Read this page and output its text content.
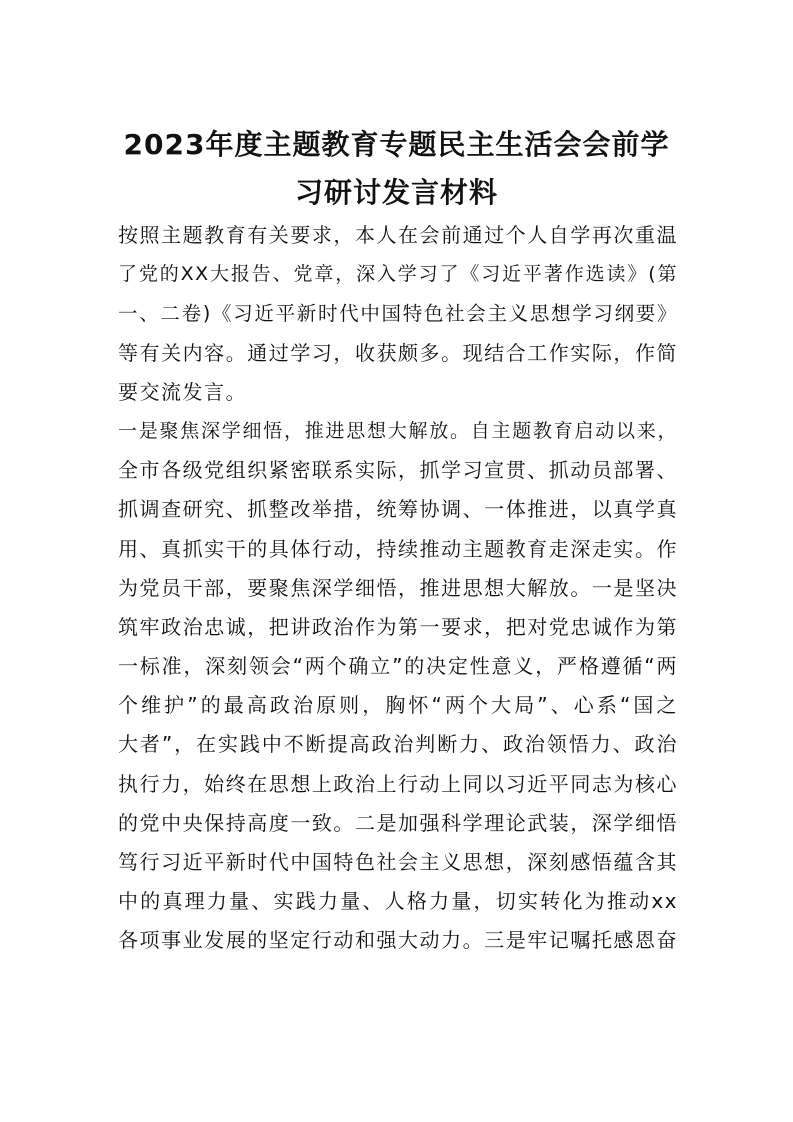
2023年度主题教育专题民主生活会会前学
习研讨发言材料
按照主题教育有关要求，本人在会前通过个人自学再次重温
了党的XX大报告、党章，深入学习了《习近平著作选读》(第
一、二卷)《习近平新时代中国特色社会主义思想学习纲要》
等有关内容。通过学习，收获颇多。现结合工作实际，作简
要交流发言。
一是聚焦深学细悟，推进思想大解放。自主题教育启动以来，
全市各级党组织紧密联系实际，抓学习宣贯、抓动员部署、
抓调查研究、抓整改举措，统筹协调、一体推进，以真学真
用、真抓实干的具体行动，持续推动主题教育走深走实。作
为党员干部，要聚焦深学细悟，推进思想大解放。一是坚决
筑牢政治忠诚，把讲政治作为第一要求，把对党忠诚作为第
一标准，深刻领会“两个确立”的决定性意义，严格遵循“两
个维护”的最高政治原则，胸怀“两个大局”、心系“国之
大者”，在实践中不断提高政治判断力、政治领悟力、政治
执行力，始终在思想上政治上行动上同以习近平同志为核心
的党中央保持高度一致。二是加强科学理论武装，深学细悟
笃行习近平新时代中国特色社会主义思想，深刻感悟蕴含其
中的真理力量、实践力量、人格力量，切实转化为推动xx
各项事业发展的坚定行动和强大动力。三是牢记嘱托感恩奋
